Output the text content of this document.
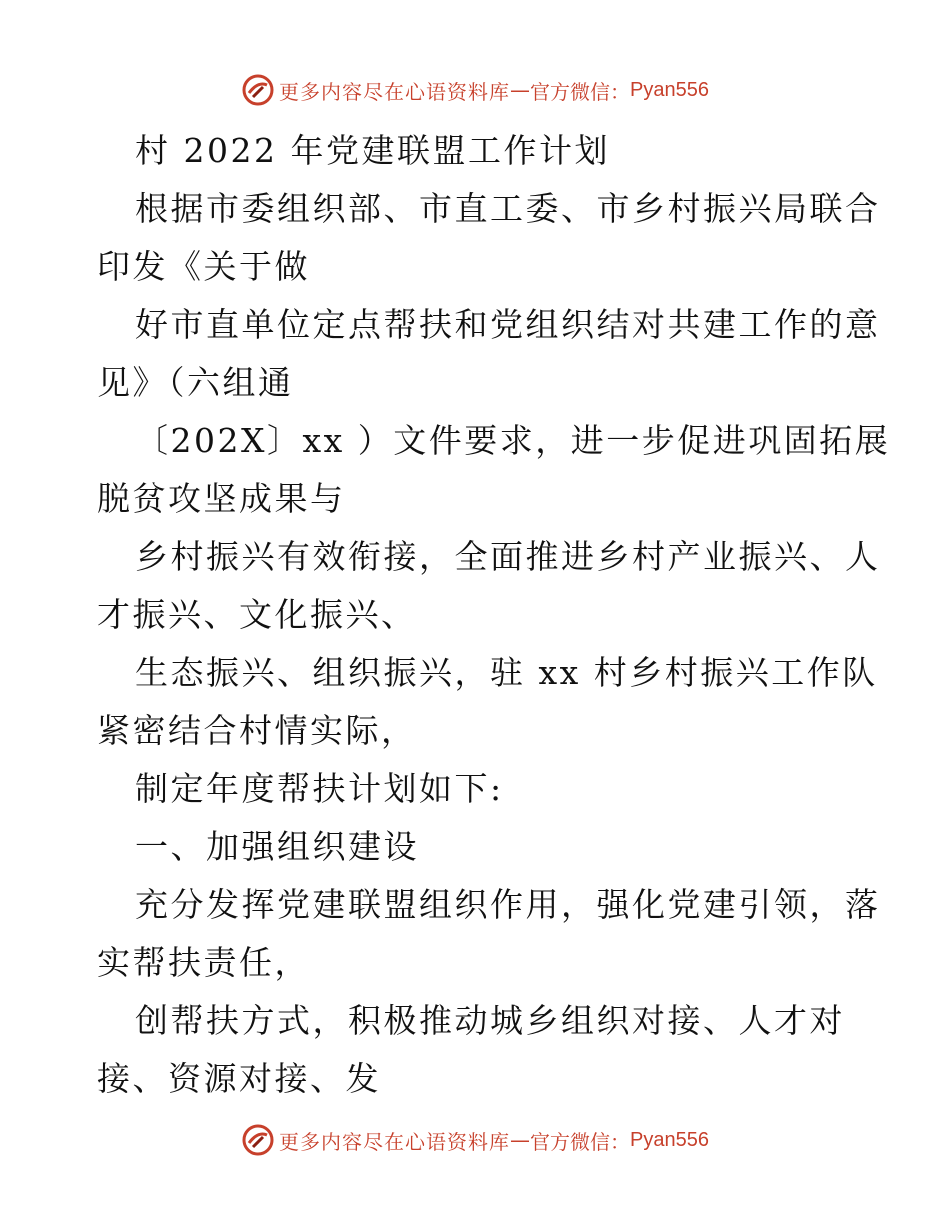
更多内容尽在心语资料库 — 官方微信： Pyan556
村 2022 年党建联盟工作计划
根据市委组织部、市直工委、市乡村振兴局联合
印发《关于做
好市直单位定点帮扶和党组织结对共建工作的意
见》（六组通
〔202X〕xx ）文件要求，进一步促进巩固拓展
脱贫攻坚成果与
乡村振兴有效衔接，全面推进乡村产业振兴、人
才振兴、文化振兴、
生态振兴、组织振兴，驻 xx 村乡村振兴工作队
紧密结合村情实际，
制定年度帮扶计划如下:
一、加强组织建设
充分发挥党建联盟组织作用，强化党建引领，落
实帮扶责任，
创帮扶方式，积极推动城乡组织对接、人才对
接、资源对接、发
更多内容尽在心语资料库 — 官方微信： Pyan556
